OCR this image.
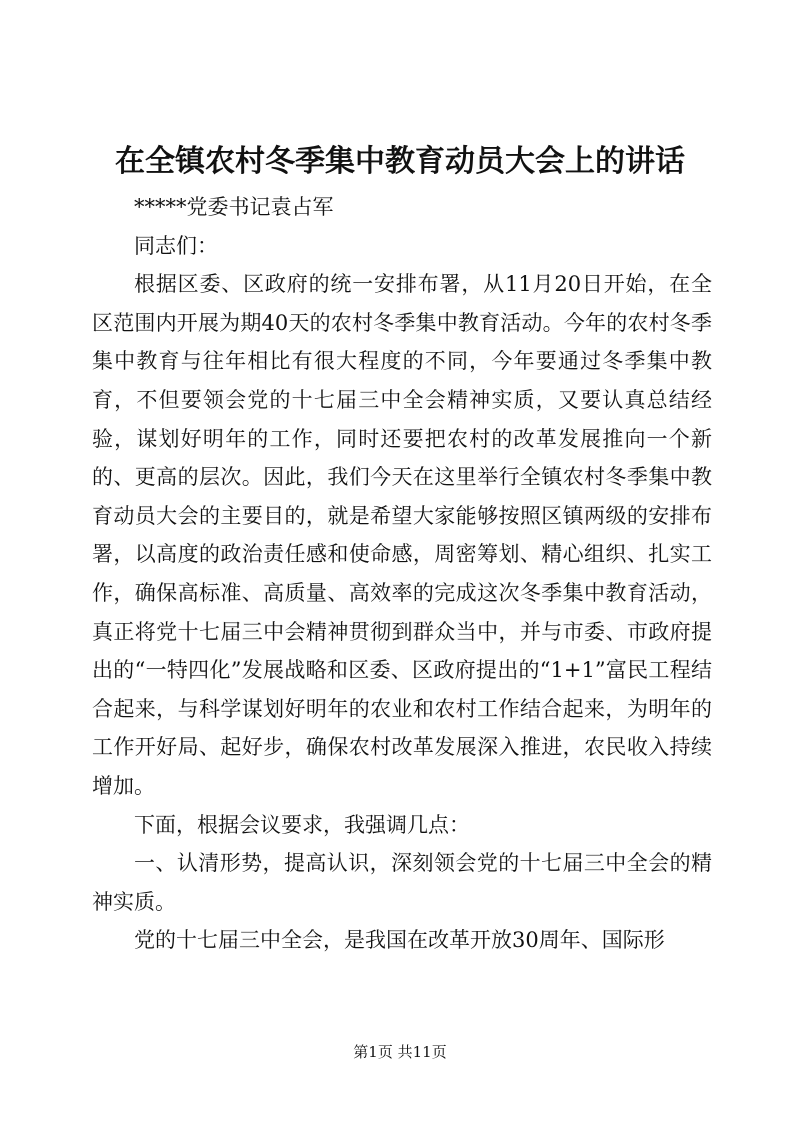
在全镇农村冬季集中教育动员大会上的讲话

*****党委书记袁占军

同志们：

根据区委、区政府的统一安排布署，从11月20日开始，在全区范围内开展为期40天的农村冬季集中教育活动。今年的农村冬季集中教育与往年相比有很大程度的不同，今年要通过冬季集中教育，不但要领会党的十七届三中全会精神实质，又要认真总结经验，谋划好明年的工作，同时还要把农村的改革发展推向一个新的、更高的层次。因此，我们今天在这里举行全镇农村冬季集中教育动员大会的主要目的，就是希望大家能够按照区镇两级的安排布署，以高度的政治责任感和使命感，周密筹划、精心组织、扎实工作，确保高标准、高质量、高效率的完成这次冬季集中教育活动，真正将党十七届三中会精神贯彻到群众当中，并与市委、市政府提出的“一特四化”发展战略和区委、区政府提出的“1+1”富民工程结合起来，与科学谋划好明年的农业和农村工作结合起来，为明年的工作开好局、起好步，确保农村改革发展深入推进，农民收入持续增加。

下面，根据会议要求，我强调几点：

一、认清形势，提高认识，深刻领会党的十七届三中全会的精神实质。

党的十七届三中全会，是我国在改革开放30周年、国际形

第1页 共11页
